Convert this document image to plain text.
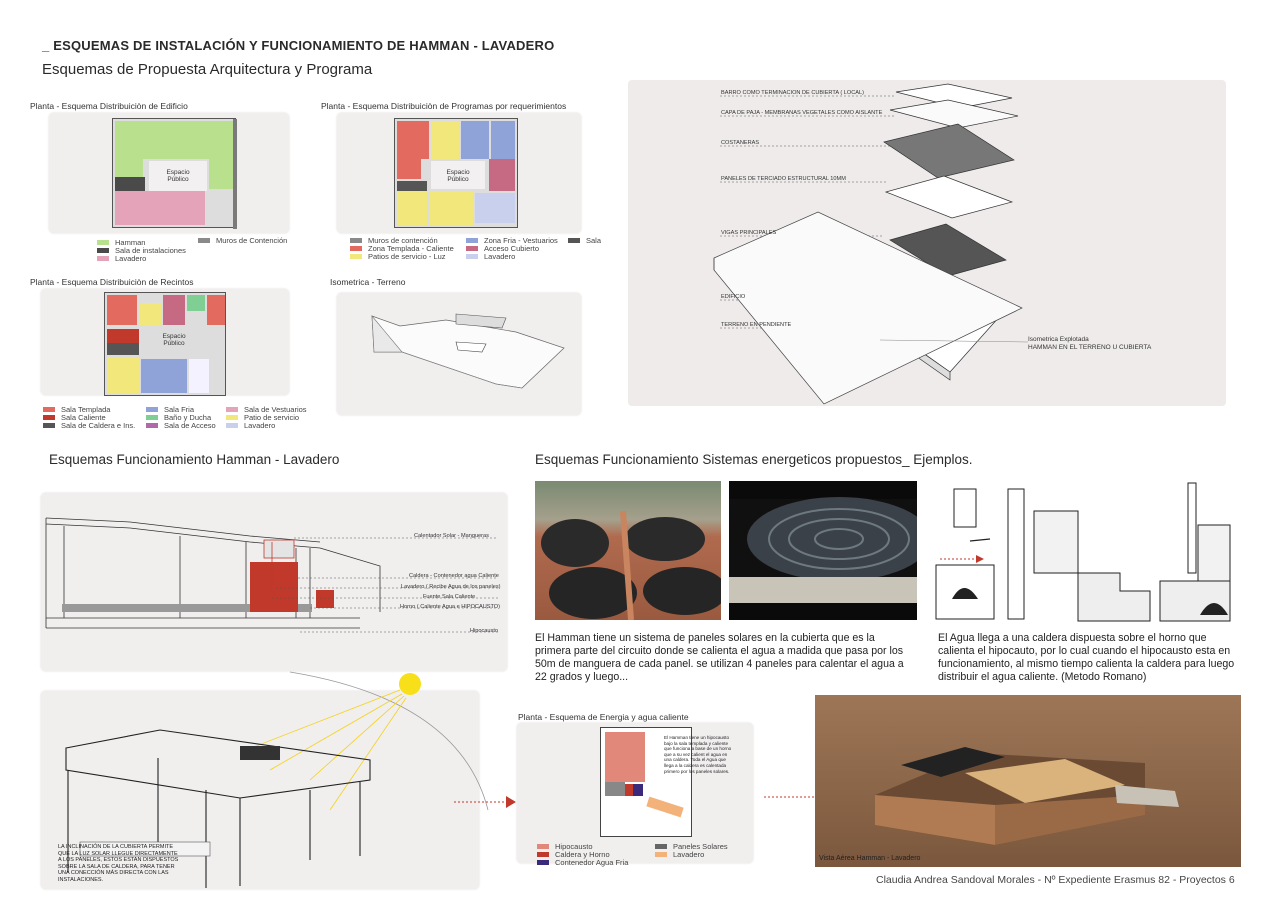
_ ESQUEMAS DE INSTALACIÓN Y FUNCIONAMIENTO DE HAMMAN - LAVADERO
Esquemas de Propuesta Arquitectura y Programa
Planta - Esquema Distribuiciòn de Edificio
Espacio
Público
Hamman
Sala de instalaciones
Lavadero
Muros de Contención
Planta - Esquema Distribuiciòn de Programas por requerimientos
Espacio
Público
Muros de contención
Zona Templada - Caliente
Patios de servicio - Luz
Zona Fria - Vestuarios
Acceso Cubierto
Lavadero
Sala
Planta - Esquema Distribuiciòn de Recintos
Espacio
Público
Sala Templada
Sala Caliente
Sala de Caldera e Ins.
Sala Fria
Baño y Ducha
Sala de Acceso
Sala de Vestuarios
Patio de servicio
Lavadero
Isometrica - Terreno
BARRO COMO TERMINACION DE CUBIERTA ( LOCAL)
CAPA DE PAJA - MEMBRANAS VEGETALES COMO AISLANTE
COSTANERAS
PANELES DE TERCIADO ESTRUCTURAL 10MM
VIGAS PRINCIPALES
EDIFICIO
TERRENO EN PENDIENTE
Isometrica Explotada
HAMMAN EN EL TERRENO U CUBIERTA
Esquemas Funcionamiento Hamman - Lavadero
Calentador Solar - Mangueras
Caldera - Contenedor agua Caliente
Lavadero ( Recibe Agua de los paneles)
Fuente Sala Caliente
Horno ( Caliente Agua e HIPOCAUSTO)
Hipocausto
LA INCLINACIÓN DE LA CUBIERTA PERMITE
QUE LA LUZ SOLAR LLEGUE DIRECTAMENTE
A LOS PANELES, ESTOS ESTAN DISPUESTOS
SOBRE LA SALA DE CALDERA, PARA TENER
UNA CONECCIÓN MÁS DIRECTA CON LAS
INSTALACIONES.
Esquemas Funcionamiento Sistemas energeticos propuestos_ Ejemplos.
El Hamman tiene un sistema de paneles solares en la cubierta que es la primera parte del circuito donde se calienta el agua a madida que pasa por los 50m de manguera de cada panel. se utilizan 4 paneles para calentar el agua a 22 grados y luego...
El Agua llega a una caldera dispuesta sobre el horno que calienta el hipocauto, por lo cual cuando el hipocausto esta en funcionamiento, al mismo tiempo calienta la caldera para luego distribuir el agua caliente. (Metodo Romano)
Planta - Esquema de Energia y agua caliente
El Hamman tiene un hipocausto bajo la sala templada y caliente que funciona a base de un horno que a su vez calient el agua en una caldera. Toda el Agua que llega a la caldera es calentada primero por los paneles solares.
Hipocausto
Caldera y Horno
Contenedor Agua Fria
Paneles Solares
Lavadero	Vista Aérea Hamman - Lavadero
Claudia Andrea Sandoval Morales - Nº Expediente Erasmus 82 - Proyectos 6
